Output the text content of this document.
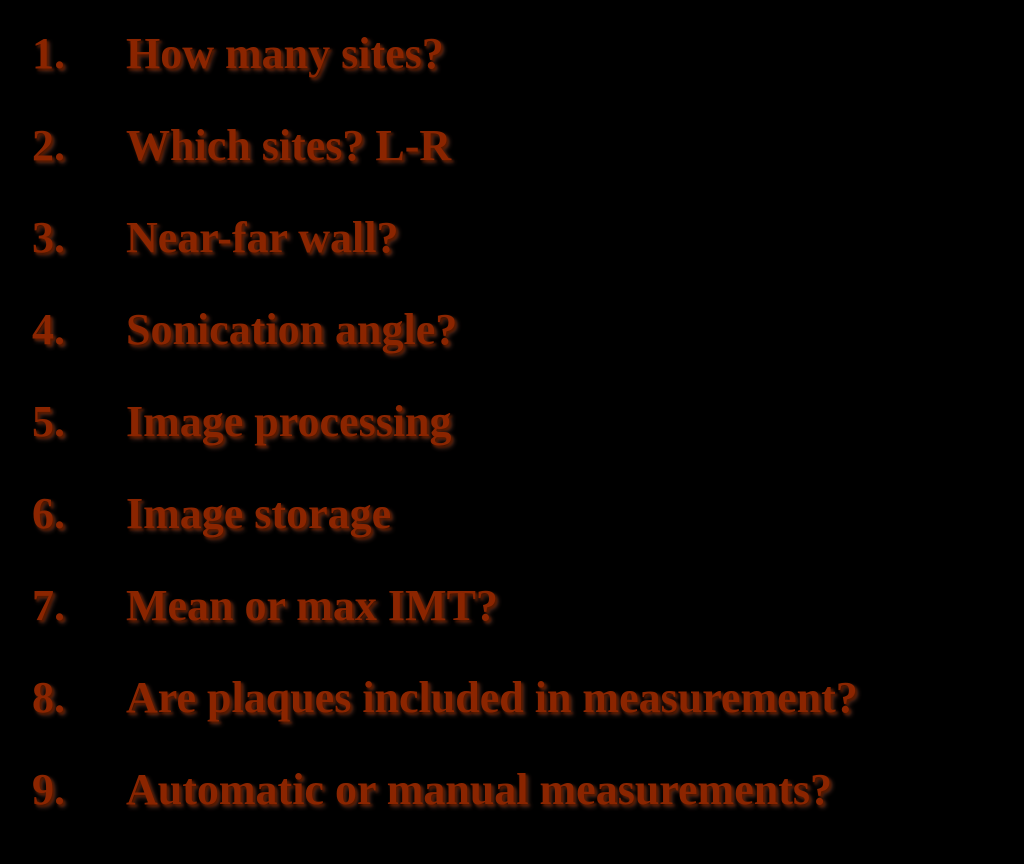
1.	How many sites?
2.	Which sites? L-R
3.	Near-far wall?
4.	Sonication angle?
5.	Image processing
6.	Image storage
7.	Mean or max IMT?
8.	Are plaques included in measurement?
9.	Automatic or manual measurements?
